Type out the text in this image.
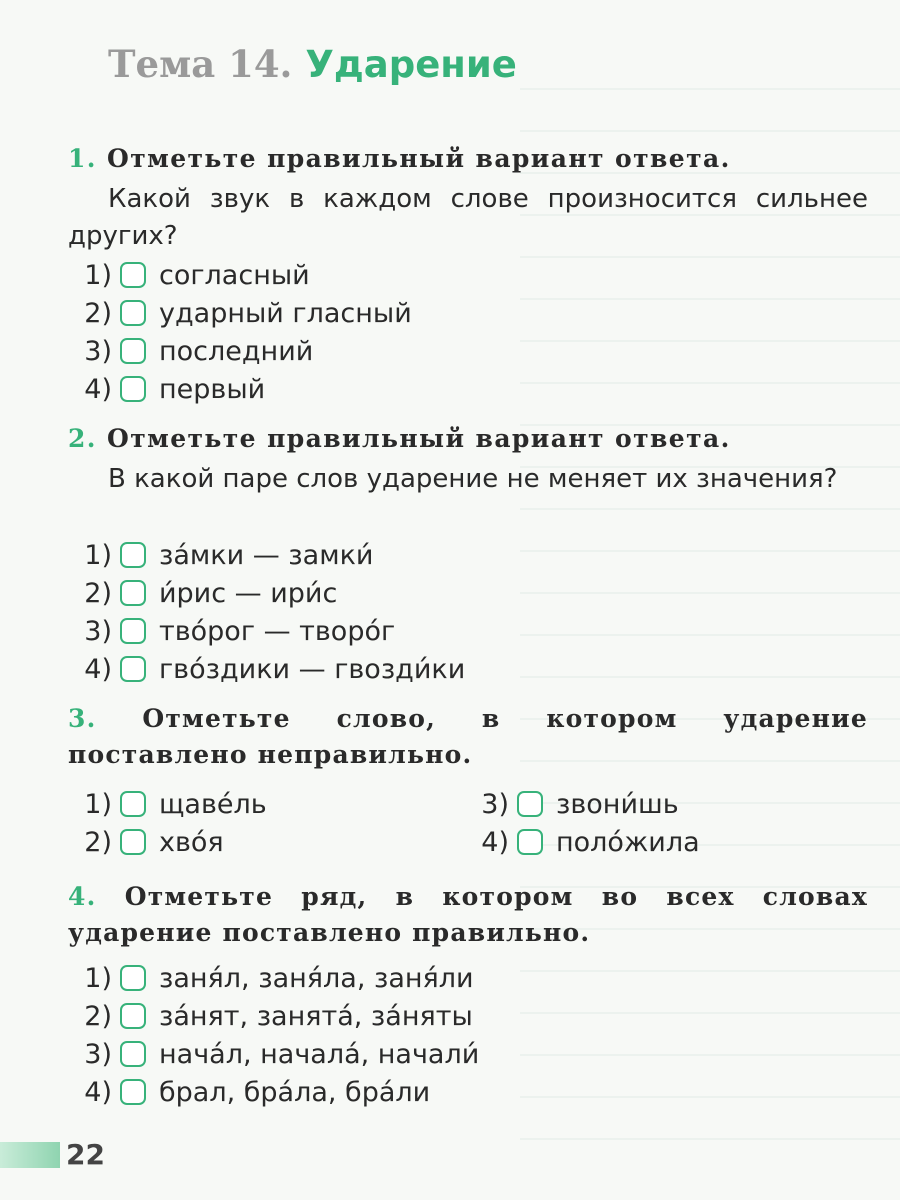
Тема 14. Ударение
1. Отметьте правильный вариант ответа.
Какой звук в каждом слове произносится сильнее других?
1) согласный
2) ударный гласный
3) последний
4) первый
2. Отметьте правильный вариант ответа.
В какой паре слов ударение не меняет их значения?
1) за́мки — замки́
2) и́рис — ири́с
3) тво́рог — творо́г
4) гво́здики — гвозди́ки
3. Отметьте слово, в котором ударение поставлено неправильно.
1) щаве́ль
2) хво́я
3) звони́шь
4) поло́жила
4. Отметьте ряд, в котором во всех словах ударение поставлено правильно.
1) заня́л, заня́ла, заня́ли
2) за́нят, занята́, за́няты
3) нача́л, начала́, начали́
4) брал, бра́ла, бра́ли
22
